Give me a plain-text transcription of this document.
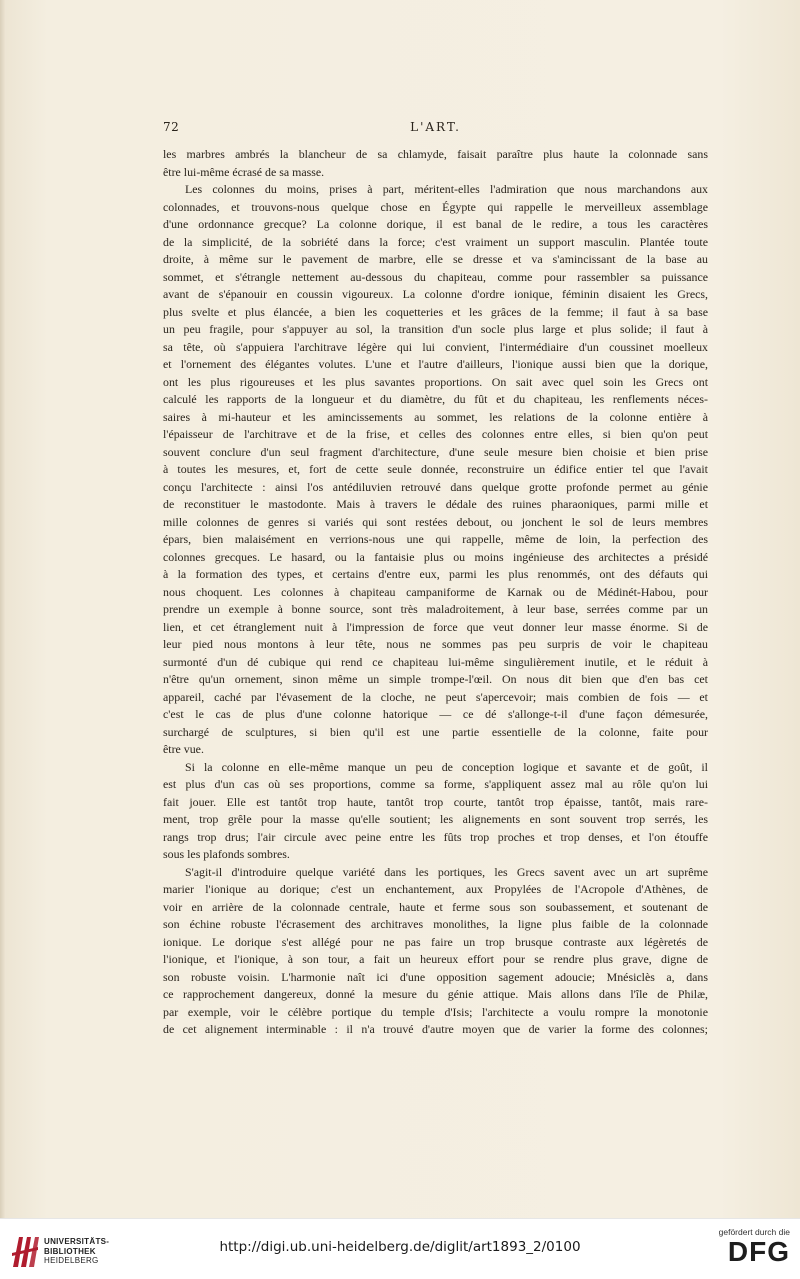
72	L'ART.
les marbres ambrés la blancheur de sa chlamyde, faisait paraître plus haute la colonnade sans
être lui-même écrasé de sa masse.
Les colonnes du moins, prises à part, méritent-elles l'admiration que nous marchandons aux
colonnades, et trouvons-nous quelque chose en Égypte qui rappelle le merveilleux assemblage
d'une ordonnance grecque? La colonne dorique, il est banal de le redire, a tous les caractères
de la simplicité, de la sobriété dans la force; c'est vraiment un support masculin. Plantée toute
droite, à même sur le pavement de marbre, elle se dresse et va s'amincissant de la base au
sommet, et s'étrangle nettement au-dessous du chapiteau, comme pour rassembler sa puissance
avant de s'épanouir en coussin vigoureux. La colonne d'ordre ionique, féminin disaient les Grecs,
plus svelte et plus élancée, a bien les coquetteries et les grâces de la femme; il faut à sa base
un peu fragile, pour s'appuyer au sol, la transition d'un socle plus large et plus solide; il faut à
sa tête, où s'appuiera l'architrave légère qui lui convient, l'intermédiaire d'un coussinet moelleux
et l'ornement des élégantes volutes. L'une et l'autre d'ailleurs, l'ionique aussi bien que la dorique,
ont les plus rigoureuses et les plus savantes proportions. On sait avec quel soin les Grecs ont
calculé les rapports de la longueur et du diamètre, du fût et du chapiteau, les renflements néces-
saires à mi-hauteur et les amincissements au sommet, les relations de la colonne entière à
l'épaisseur de l'architrave et de la frise, et celles des colonnes entre elles, si bien qu'on peut
souvent conclure d'un seul fragment d'architecture, d'une seule mesure bien choisie et bien prise
à toutes les mesures, et, fort de cette seule donnée, reconstruire un édifice entier tel que l'avait
conçu l'architecte : ainsi l'os antédiluvien retrouvé dans quelque grotte profonde permet au génie
de reconstituer le mastodonte. Mais à travers le dédale des ruines pharaoniques, parmi mille et
mille colonnes de genres si variés qui sont restées debout, ou jonchent le sol de leurs membres
épars, bien malaisément en verrions-nous une qui rappelle, même de loin, la perfection des
colonnes grecques. Le hasard, ou la fantaisie plus ou moins ingénieuse des architectes a présidé
à la formation des types, et certains d'entre eux, parmi les plus renommés, ont des défauts qui
nous choquent. Les colonnes à chapiteau campaniforme de Karnak ou de Médinét-Habou, pour
prendre un exemple à bonne source, sont très maladroitement, à leur base, serrées comme par un
lien, et cet étranglement nuit à l'impression de force que veut donner leur masse énorme. Si de
leur pied nous montons à leur tête, nous ne sommes pas peu surpris de voir le chapiteau
surmonté d'un dé cubique qui rend ce chapiteau lui-même singulièrement inutile, et le réduit à
n'être qu'un ornement, sinon même un simple trompe-l'œil. On nous dit bien que d'en bas cet
appareil, caché par l'évasement de la cloche, ne peut s'apercevoir; mais combien de fois — et
c'est le cas de plus d'une colonne hatorique — ce dé s'allonge-t-il d'une façon démesurée,
surchargé de sculptures, si bien qu'il est une partie essentielle de la colonne, faite pour
être vue.
Si la colonne en elle-même manque un peu de conception logique et savante et de goût, il
est plus d'un cas où ses proportions, comme sa forme, s'appliquent assez mal au rôle qu'on lui
fait jouer. Elle est tantôt trop haute, tantôt trop courte, tantôt trop épaisse, tantôt, mais rare-
ment, trop grêle pour la masse qu'elle soutient; les alignements en sont souvent trop serrés, les
rangs trop drus; l'air circule avec peine entre les fûts trop proches et trop denses, et l'on étouffe
sous les plafonds sombres.
S'agit-il d'introduire quelque variété dans les portiques, les Grecs savent avec un art suprême
marier l'ionique au dorique; c'est un enchantement, aux Propylées de l'Acropole d'Athènes, de
voir en arrière de la colonnade centrale, haute et ferme sous son soubassement, et soutenant de
son échine robuste l'écrasement des architraves monolithes, la ligne plus faible de la colonnade
ionique. Le dorique s'est allégé pour ne pas faire un trop brusque contraste aux légèretés de
l'ionique, et l'ionique, à son tour, a fait un heureux effort pour se rendre plus grave, digne de
son robuste voisin. L'harmonie naît ici d'une opposition sagement adoucie; Mnésiclès a, dans
ce rapprochement dangereux, donné la mesure du génie attique. Mais allons dans l'île de Philæ,
par exemple, voir le célèbre portique du temple d'Isis; l'architecte a voulu rompre la monotonie
de cet alignement interminable : il n'a trouvé d'autre moyen que de varier la forme des colonnes;
UNIVERSITÄTS-
BIBLIOTHEK
HEIDELBERG
http://digi.ub.uni-heidelberg.de/diglit/art1893_2/0100
gefördert durch die
DFG
